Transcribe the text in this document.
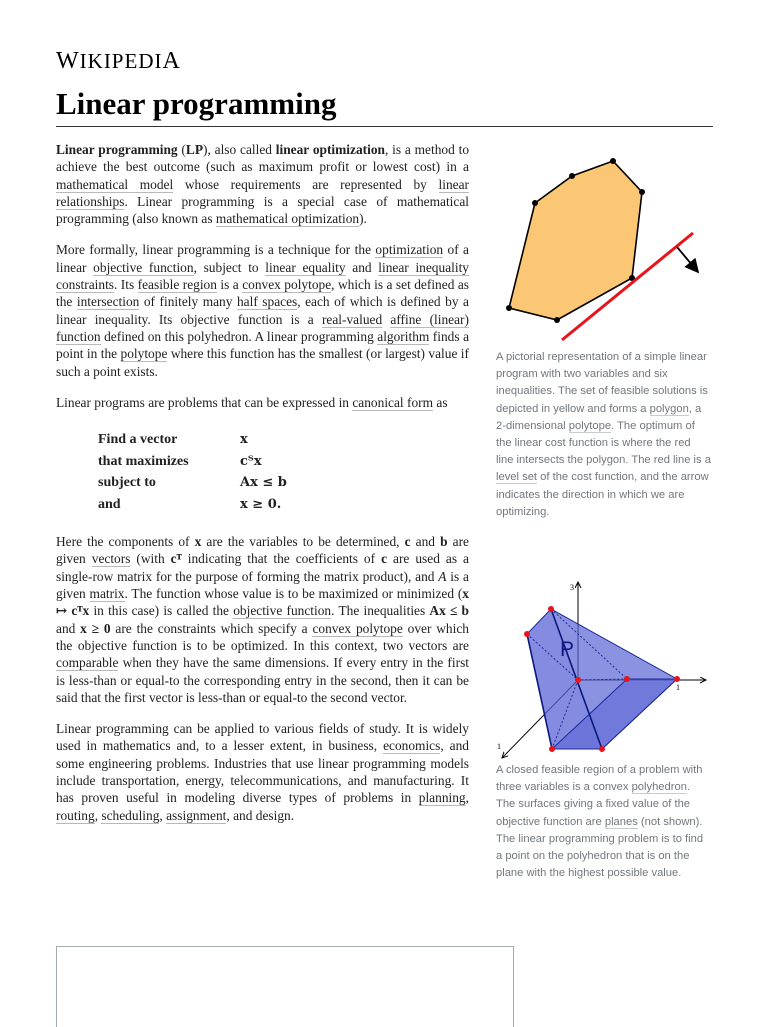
WIKIPEDIA
Linear programming

Linear programming (LP), also called linear optimization, is a method to achieve the best outcome (such as maximum profit or lowest cost) in a mathematical model whose requirements are represented by linear relationships. Linear programming is a special case of mathematical programming (also known as mathematical optimization).

More formally, linear programming is a technique for the optimization of a linear objective function, subject to linear equality and linear inequality constraints. Its feasible region is a convex polytope, which is a set defined as the intersection of finitely many half spaces, each of which is defined by a linear inequality. Its objective function is a real-valued affine (linear) function defined on this polyhedron. A linear programming algorithm finds a point in the polytope where this function has the smallest (or largest) value if such a point exists.

Linear programs are problems that can be expressed in canonical form as

Find a vector	x
that maximizes	cᵀx
subject to	Ax ≤ b
and	x ≥ 0.

Here the components of x are the variables to be determined, c and b are given vectors (with cᵀ indicating that the coefficients of c are used as a single-row matrix for the purpose of forming the matrix product), and A is a given matrix. The function whose value is to be maximized or minimized (x ↦ cᵀx in this case) is called the objective function. The inequalities Ax ≤ b and x ≥ 0 are the constraints which specify a convex polytope over which the objective function is to be optimized. In this context, two vectors are comparable when they have the same dimensions. If every entry in the first is less-than or equal-to the corresponding entry in the second, then it can be said that the first vector is less-than or equal-to the second vector.

Linear programming can be applied to various fields of study. It is widely used in mathematics and, to a lesser extent, in business, economics, and some engineering problems. Industries that use linear programming models include transportation, energy, telecommunications, and manufacturing. It has proven useful in modeling diverse types of problems in planning, routing, scheduling, assignment, and design.

A pictorial representation of a simple linear program with two variables and six inequalities. The set of feasible solutions is depicted in yellow and forms a polygon, a 2-dimensional polytope. The optimum of the linear cost function is where the red line intersects the polygon. The red line is a level set of the cost function, and the arrow indicates the direction in which we are optimizing.
3
1
1
P
A closed feasible region of a problem with three variables is a convex polyhedron. The surfaces giving a fixed value of the objective function are planes (not shown). The linear programming problem is to find a point on the polyhedron that is on the plane with the highest possible value.
